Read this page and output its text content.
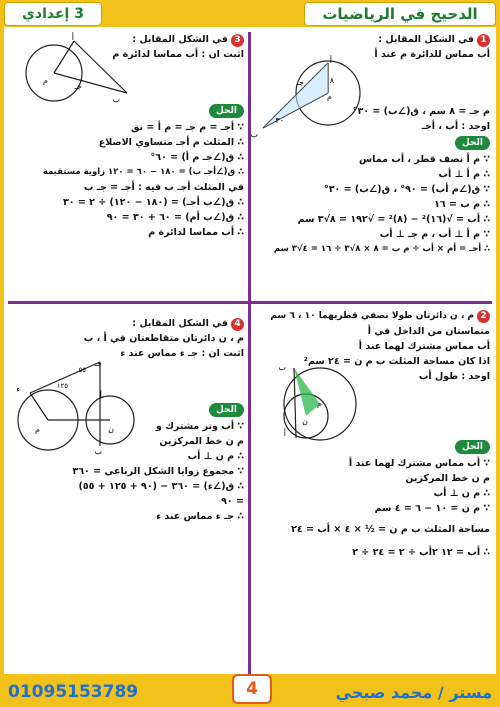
الدحيح في الرياضيات
3 إعدادي
1في الشكل المقابل :
أب مماس للدائرة م عند أ
م جـ = ٨ سم ، ق(∠ب) = ٣٠°
اوجد : أب ، أجـ
الحل
∵ م أ نصف قطر ، أب مماس
∴ م أ ⊥ أب
∵ ق(∠م أب) = ٩٠° ، ق(∠ب) = ٣٠°
∴ م ب = ١٦
∴ أب = √(١٦)² − (٨)² = √١٩٢ = ٨√٣ سم
∵ م أ ⊥ أب ، م جـ ⊥ أب
∴ أجـ = أم × أب ÷ م ب = ٨ × ٨√٣ ÷ ١٦ = ٤√٣ سم
أ
ب
م
جـ	٨
٣٠
3في الشكل المقابل :
اثبت ان : أب مماسا لدائرة م
الحل
∵ أجـ = م جـ = م أ = نق
∴ المثلث م أجـ متساوي الاضلاع
∴ ق(∠جـ م أ) = ٦٠°
∴ ق(∠أجـ ب) = ١٨٠ − ٦٠ = ١٢٠ زاوية مستقيمة
في المثلث أجـ ب فيه : أجـ = جـ ب
∴ ق(∠ب أجـ) = (١٨٠ − ١٢٠) ÷ ٢ = ٣٠
∴ ق(∠ب أم) = ٦٠ + ٣٠ = ٩٠
∴ أب مماسا لدائرة م
أ
ب
جـ
م
2م ، ن دائرتان طولا نصفي قطريهما ١٠ ، ٦ سم
متماستان من الداخل في أ
أب مماس مشترك لهما عند أ
اذا كان مساحة المثلث ب م ن = ٢٤ سم²
اوجد : طول أب
الحل
∵ أب مماس مشترك لهما عند أ
م ن خط المركزين
∴ م ن ⊥ أب
∵ م ن = ١٠ − ٦ = ٤ سم
مساحة المثلث ب م ن = ½ × ٤ × أب = ٢٤
∴ أب = ١٢ ٢أب ÷ ٢ = ٢٤ ÷ ٢
ب
أ
م
ن
4في الشكل المقابل :
م ، ن دائرتان متقاطعتان في أ ، ب
اثبت ان : جـ ء مماس عند ء
الحل
∵ أب وتر مشترك و
م ن خط المركزين
∴ م ن ⊥ أب
∵ مجموع زوايا الشكل الرباعي = ٣٦٠
∴ ق(∠ء) = ٣٦٠ − (٩٠ + ١٢٥ + ٥٥)
= ٩٠
∴ جـ ء مماس عند ء
جـ
ء
أ
ب
م	ن
١٢٥
٥٥
01095153789	4	مستر / محمد صبحي
